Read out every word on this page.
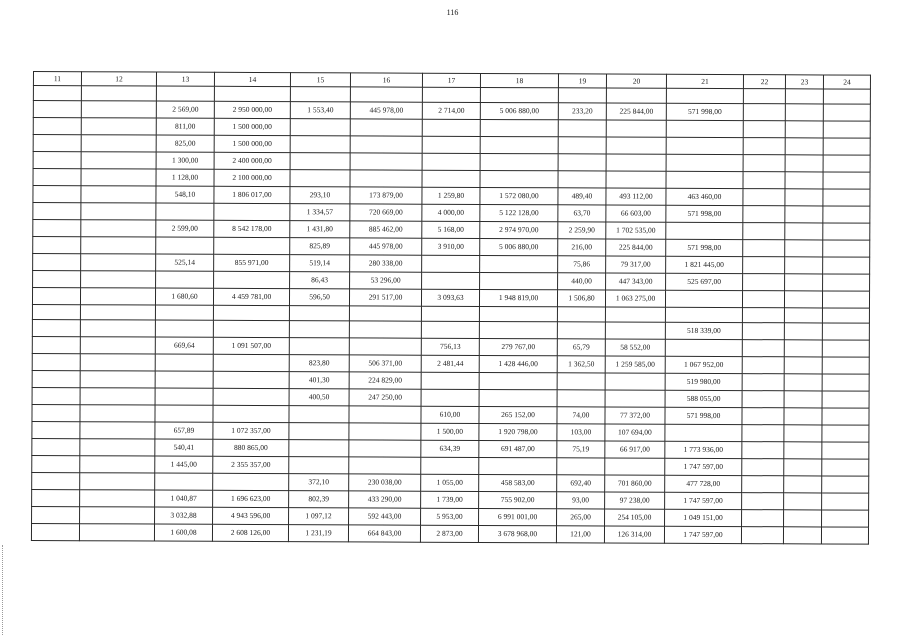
116
11	12	13	14	15	16	17	18	19	20	21	22	23	24

		2 569,00	2 950 000,00	1 553,40	445 978,00	2 714,00	5 006 880,00	233,20	225 844,00	571 998,00			
		811,00	1 500 000,00										
		825,00	1 500 000,00										
		1 300,00	2 400 000,00										
		1 128,00	2 100 000,00										
		548,10	1 806 017,00	293,10	173 879,00	1 259,80	1 572 080,00	489,40	493 112,00	463 460,00			
				1 334,57	720 669,00	4 000,00	5 122 128,00	63,70	66 603,00	571 998,00			
		2 599,00	8 542 178,00	1 431,80	885 462,00	5 168,00	2 974 970,00	2 259,90	1 702 535,00				
				825,89	445 978,00	3 910,00	5 006 880,00	216,00	225 844,00	571 998,00			
		525,14	855 971,00	519,14	280 338,00			75,86	79 317,00	1 821 445,00			
				86,43	53 296,00			440,00	447 343,00	525 697,00			
		1 680,60	4 459 781,00	596,50	291 517,00	3 093,63	1 948 819,00	1 506,80	1 063 275,00				

										518 339,00			
		669,64	1 091 507,00			756,13	279 767,00	65,79	58 552,00				
				823,80	506 371,00	2 481,44	1 428 446,00	1 362,50	1 259 585,00	1 067 952,00			
				401,30	224 829,00					519 980,00			
				400,50	247 250,00					588 055,00			
						610,00	265 152,00	74,00	77 372,00	571 998,00			
		657,89	1 072 357,00			1 500,00	1 920 798,00	103,00	107 694,00				
		540,41	880 865,00			634,39	691 487,00	75,19	66 917,00	1 773 936,00			
		1 445,00	2 355 357,00							1 747 597,00			
				372,10	230 038,00	1 055,00	458 583,00	692,40	701 860,00	477 728,00			
		1 040,87	1 696 623,00	802,39	433 290,00	1 739,00	755 902,00	93,00	97 238,00	1 747 597,00			
		3 032,88	4 943 596,00	1 097,12	592 443,00	5 953,00	6 991 001,00	265,00	254 105,00	1 049 151,00			
		1 600,08	2 608 126,00	1 231,19	664 843,00	2 873,00	3 678 968,00	121,00	126 314,00	1 747 597,00			
